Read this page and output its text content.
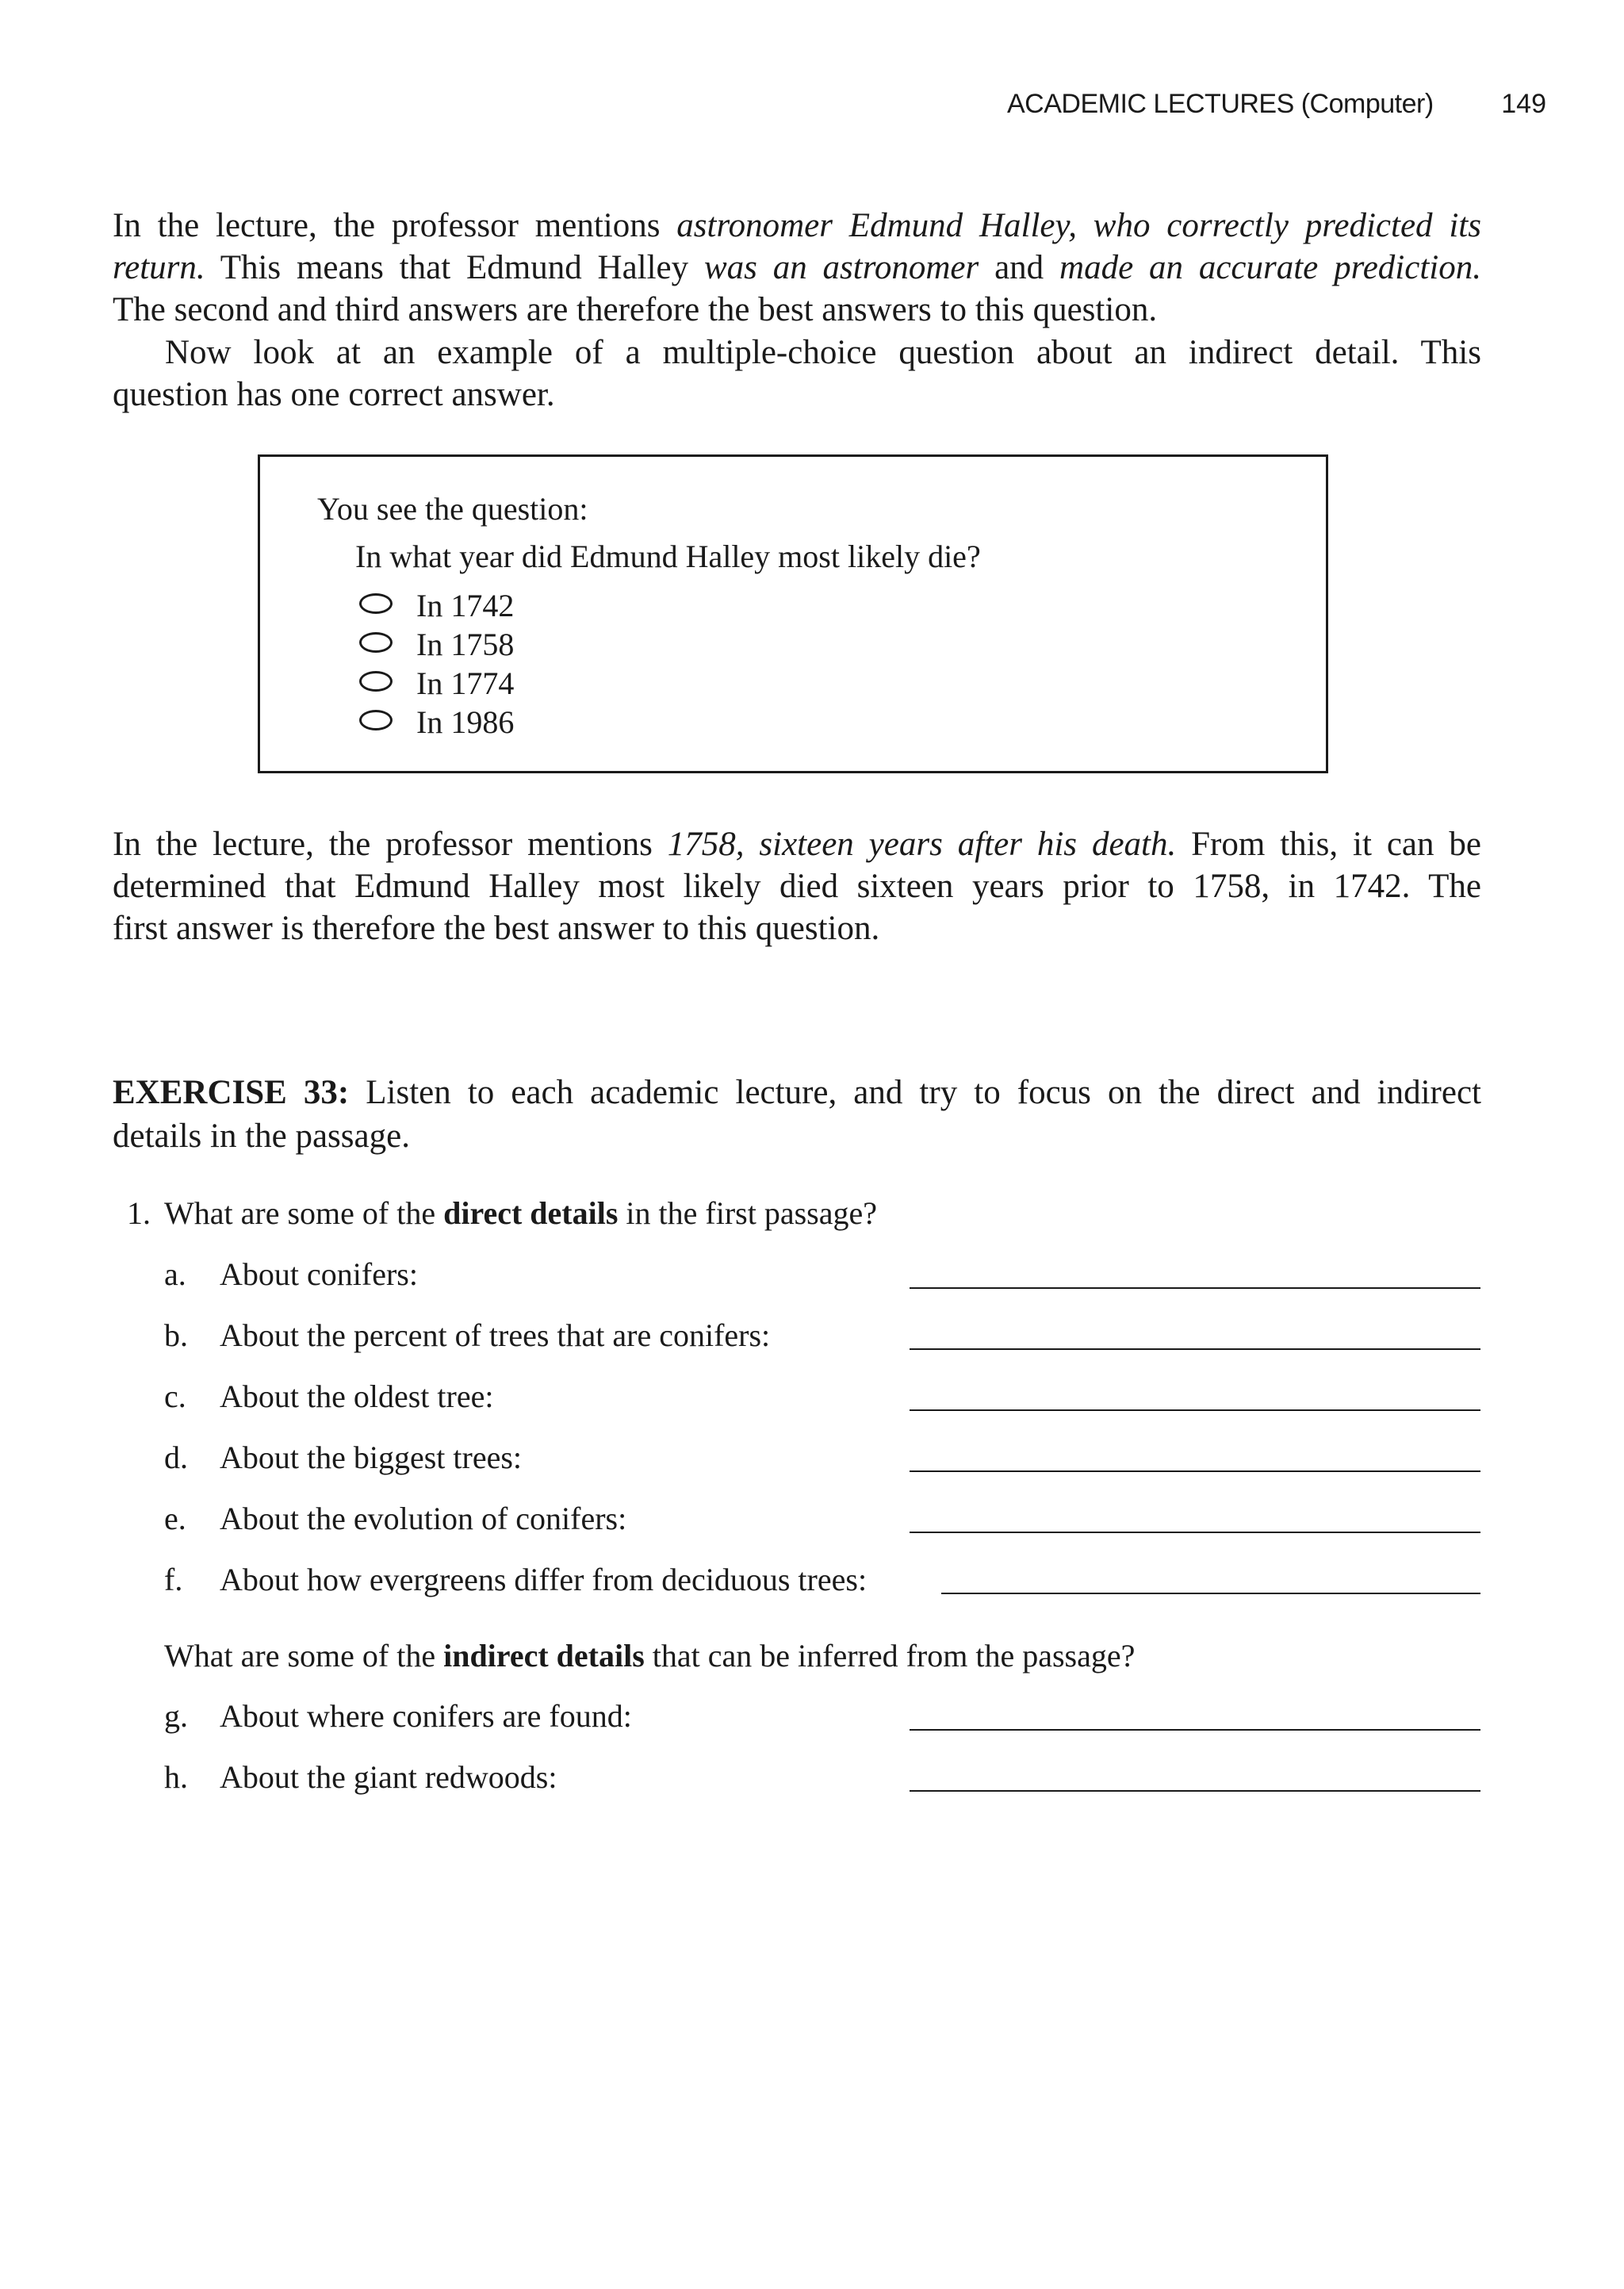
ACADEMIC LECTURES (Computer)	149
In the lecture, the professor mentions astronomer Edmund Halley, who correctly predicted its
return. This means that Edmund Halley was an astronomer and made an accurate prediction.
The second and third answers are therefore the best answers to this question.
Now look at an example of a multiple-choice question about an indirect detail. This
question has one correct answer.
You see the question:
In what year did Edmund Halley most likely die?
In 1742
In 1758
In 1774
In 1986
In the lecture, the professor mentions 1758, sixteen years after his death. From this, it can be
determined that Edmund Halley most likely died sixteen years prior to 1758, in 1742. The
first answer is therefore the best answer to this question.
EXERCISE 33: Listen to each academic lecture, and try to focus on the direct and indirect
details in the passage.
1. What are some of the direct details in the first passage?
a. About conifers:
b. About the percent of trees that are conifers:
c. About the oldest tree:
d. About the biggest trees:
e. About the evolution of conifers:
f. About how evergreens differ from deciduous trees:
What are some of the indirect details that can be inferred from the passage?
g. About where conifers are found:
h. About the giant redwoods:
